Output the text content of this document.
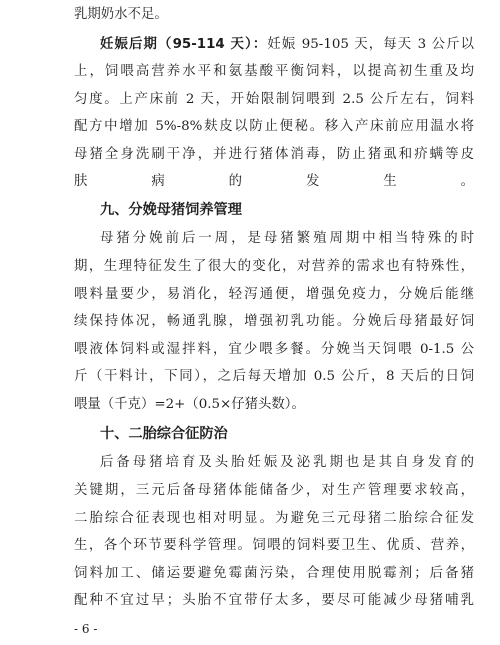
乳期奶水不足。
妊娠后期（95-114 天）：妊娠 95-105 天，每天 3 公斤以
上，饲喂高营养水平和氨基酸平衡饲料，以提高初生重及均
匀度。上产床前 2 天，开始限制饲喂到 2.5 公斤左右，饲料
配方中增加 5%-8%麸皮以防止便秘。移入产床前应用温水将
母猪全身洗刷干净，并进行猪体消毒，防止猪虱和疥螨等皮
肤病的发生。
九、分娩母猪饲养管理
母猪分娩前后一周，是母猪繁殖周期中相当特殊的时
期，生理特征发生了很大的变化，对营养的需求也有特殊性，
喂料量要少，易消化，轻泻通便，增强免疫力，分娩后能继
续保持体况，畅通乳腺，增强初乳功能。分娩后母猪最好饲
喂液体饲料或湿拌料，宜少喂多餐。分娩当天饲喂 0-1.5 公
斤（干料计，下同），之后每天增加 0.5 公斤，8 天后的日饲
喂量（千克）=2+（0.5×仔猪头数）。
十、二胎综合征防治
后备母猪培育及头胎妊娠及泌乳期也是其自身发育的
关键期，三元后备母猪体能储备少，对生产管理要求较高，
二胎综合征表现也相对明显。为避免三元母猪二胎综合征发
生，各个环节要科学管理。饲喂的饲料要卫生、优质、营养，
饲料加工、储运要避免霉菌污染，合理使用脱霉剂；后备猪
配种不宜过早；头胎不宜带仔太多，要尽可能减少母猪哺乳
- 6 -
